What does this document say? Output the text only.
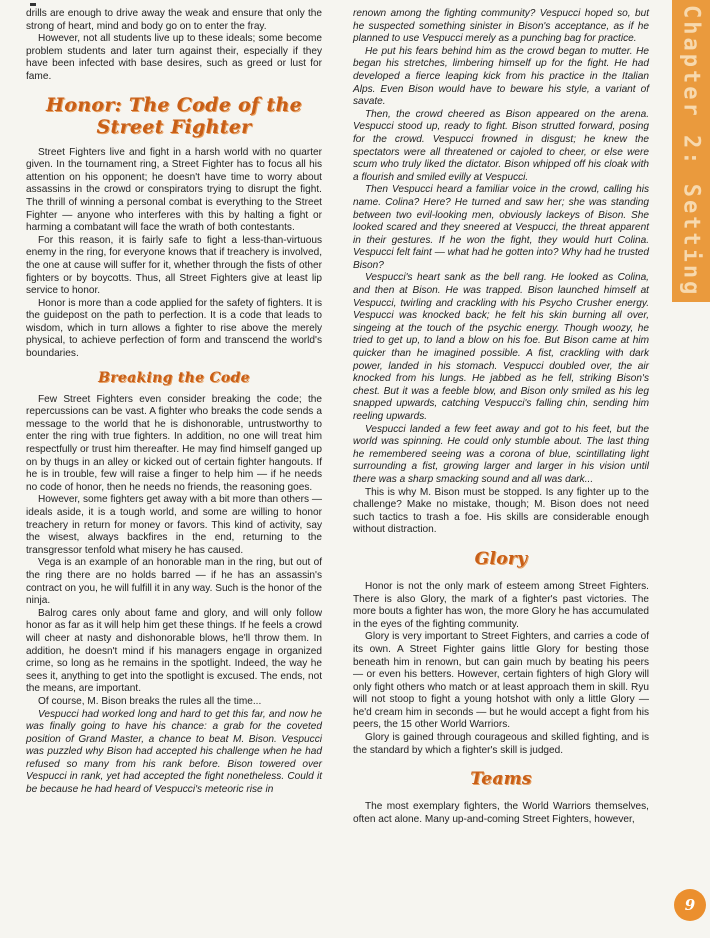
drills are enough to drive away the weak and ensure that only the strong of heart, mind and body go on to enter the fray.

However, not all students live up to these ideals; some become problem students and later turn against their, especially if they have been infected with base desires, such as greed or lust for fame.

Honor: The Code of the Street Fighter

Street Fighters live and fight in a harsh world with no quarter given. In the tournament ring, a Street Fighter has to focus all his attention on his opponent; he doesn't have time to worry about assassins in the crowd or conspirators trying to disrupt the fight. The thrill of winning a personal combat is everything to the Street Fighter — anyone who interferes with this by halting a fight or harming a combatant will face the wrath of both contestants.

For this reason, it is fairly safe to fight a less-than-virtuous enemy in the ring, for everyone knows that if treachery is involved, the one at cause will suffer for it, whether through the fists of other fighters or by boycotts. Thus, all Street Fighters give at least lip service to honor.

Honor is more than a code applied for the safety of fighters. It is the guidepost on the path to perfection. It is a code that leads to wisdom, which in turn allows a fighter to rise above the merely physical, to achieve perfection of form and transcend the world's boundaries.

Breaking the Code

Few Street Fighters even consider breaking the code; the repercussions can be vast. A fighter who breaks the code sends a message to the world that he is dishonorable, untrustworthy to enter the ring with true fighters. In addition, no one will treat him respectfully or trust him thereafter. He may find himself ganged up on by thugs in an alley or kicked out of certain fighter hangouts. If he is in trouble, few will raise a finger to help him — if he needs no code of honor, then he needs no friends, the reasoning goes.

However, some fighters get away with a bit more than others — ideals aside, it is a tough world, and some are willing to honor treachery in return for money or favors. This kind of activity, say the wisest, always backfires in the end, returning to the transgressor tenfold what misery he has caused.

Vega is an example of an honorable man in the ring, but out of the ring there are no holds barred — if he has an assassin's contract on you, he will fulfill it in any way. Such is the honor of the ninja.

Balrog cares only about fame and glory, and will only follow honor as far as it will help him get these things. If he feels a crowd will cheer at nasty and dishonorable blows, he'll throw them. In addition, he doesn't mind if his managers engage in organized crime, so long as he remains in the spotlight. Indeed, the way he sees it, anything to get into the spotlight is excused. The ends, not the means, are important.

Of course, M. Bison breaks the rules all the time...

Vespucci had worked long and hard to get this far, and now he was finally going to have his chance: a grab for the coveted position of Grand Master, a chance to beat M. Bison. Vespucci was puzzled why Bison had accepted his challenge when he had refused so many from his rank before. Bison towered over Vespucci in rank, yet had accepted the fight nonetheless. Could it be because he had heard of Vespucci's meteoric rise in

renown among the fighting community? Vespucci hoped so, but he suspected something sinister in Bison's acceptance, as if he planned to use Vespucci merely as a punching bag for practice.

He put his fears behind him as the crowd began to mutter. He began his stretches, limbering himself up for the fight. He had developed a fierce leaping kick from his practice in the Italian Alps. Even Bison would have to beware his style, a variant of savate.

Then, the crowd cheered as Bison appeared on the arena. Vespucci stood up, ready to fight. Bison strutted forward, posing for the crowd. Vespucci frowned in disgust; he knew the spectators were all threatened or cajoled to cheer, or else were scum who truly liked the dictator. Bison whipped off his cloak with a flourish and smiled evilly at Vespucci.

Then Vespucci heard a familiar voice in the crowd, calling his name. Colina? Here? He turned and saw her; she was standing between two evil-looking men, obviously lackeys of Bison. She looked scared and they sneered at Vespucci, the threat apparent in their gestures. If he won the fight, they would hurt Colina. Vespucci felt faint — what had he gotten into? Why had he trusted Bison?

Vespucci's heart sank as the bell rang. He looked as Colina, and then at Bison. He was trapped. Bison launched himself at Vespucci, twirling and crackling with his Psycho Crusher energy. Vespucci was knocked back; he felt his skin burning all over, singeing at the touch of the psychic energy. Though woozy, he tried to get up, to land a blow on his foe. But Bison came at him quicker than he imagined possible. A fist, crackling with dark power, landed in his stomach. Vespucci doubled over, the air knocked from his lungs. He jabbed as he fell, striking Bison's chest. But it was a feeble blow, and Bison only smiled as his leg snapped upwards, catching Vespucci's falling chin, sending him reeling upwards.

Vespucci landed a few feet away and got to his feet, but the world was spinning. He could only stumble about. The last thing he remembered seeing was a corona of blue, scintillating light surrounding a fist, growing larger and larger in his vision until there was a sharp smacking sound and all was dark...

This is why M. Bison must be stopped. Is any fighter up to the challenge? Make no mistake, though; M. Bison does not need such tactics to trash a foe. His skills are considerable enough without distraction.

Glory

Honor is not the only mark of esteem among Street Fighters. There is also Glory, the mark of a fighter's past victories. The more bouts a fighter has won, the more Glory he has accumulated in the eyes of the fighting community.

Glory is very important to Street Fighters, and carries a code of its own. A Street Fighter gains little Glory for besting those beneath him in renown, but can gain much by beating his peers — or even his betters. However, certain fighters of high Glory will only fight others who match or at least approach them in skill. Ryu will not stoop to fight a young hotshot with only a little Glory — he'd cream him in seconds — but he would accept a fight from his peers, the 15 other World Warriors.

Glory is gained through courageous and skilled fighting, and is the standard by which a fighter's skill is judged.

Teams

The most exemplary fighters, the World Warriors themselves, often act alone. Many up-and-coming Street Fighters, however,

Chapter 2: Setting
9
